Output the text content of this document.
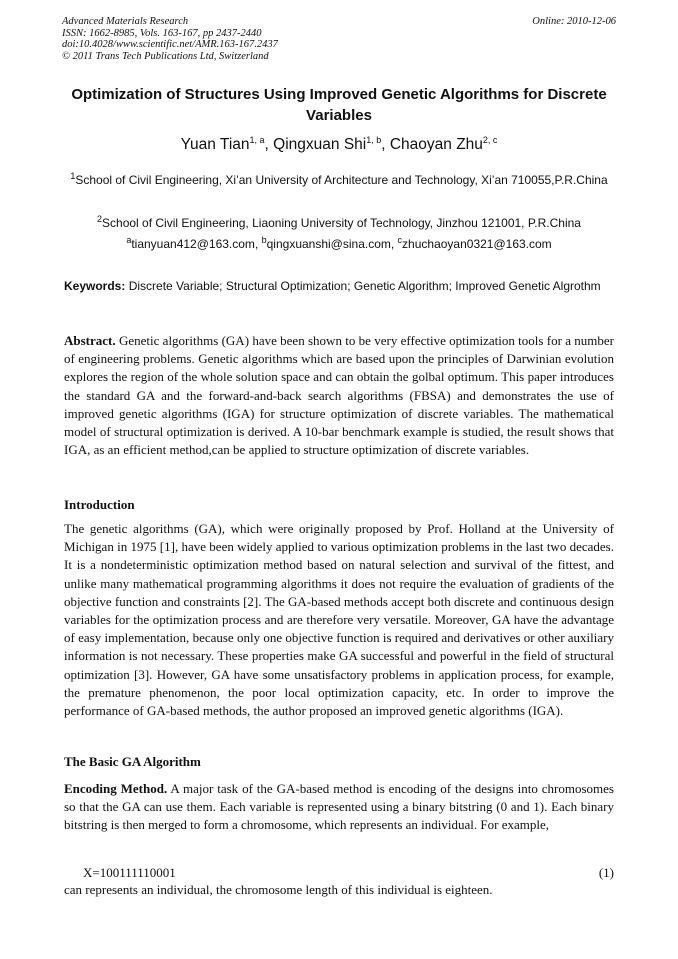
Advanced Materials Research
ISSN: 1662-8985, Vols. 163-167, pp 2437-2440
doi:10.4028/www.scientific.net/AMR.163-167.2437
© 2011 Trans Tech Publications Ltd, Switzerland
Online: 2010-12-06
Optimization of Structures Using Improved Genetic Algorithms for Discrete Variables
Yuan Tian$^{1, a}$, Qingxuan Shi$^{1, b}$, Chaoyan Zhu$^{2, c}$
$^1$School of Civil Engineering, Xi’an University of Architecture and Technology, Xi’an 710055,P.R.China
$^2$School of Civil Engineering, Liaoning University of Technology, Jinzhou 121001, P.R.China
$^a$tianyuan412@163.com, $^b$qingxuanshi@sina.com, $^c$zhuchaoyan0321@163.com
Keywords: Discrete Variable; Structural Optimization; Genetic Algorithm; Improved Genetic Algrothm
Abstract. Genetic algorithms (GA) have been shown to be very effective optimization tools for a number of engineering problems. Genetic algorithms which are based upon the principles of Darwinian evolution explores the region of the whole solution space and can obtain the golbal optimum. This paper introduces the standard GA and the forward-and-back search algorithms (FBSA) and demonstrates the use of improved genetic algorithms (IGA) for structure optimization of discrete variables. The mathematical model of structural optimization is derived. A 10-bar benchmark example is studied, the result shows that IGA, as an efficient method,can be applied to structure optimization of discrete variables.
Introduction
The genetic algorithms (GA), which were originally proposed by Prof. Holland at the University of Michigan in 1975 [1], have been widely applied to various optimization problems in the last two decades. It is a nondeterministic optimization method based on natural selection and survival of the fittest, and unlike many mathematical programming algorithms it does not require the evaluation of gradients of the objective function and constraints [2]. The GA-based methods accept both discrete and continuous design variables for the optimization process and are therefore very versatile. Moreover, GA have the advantage of easy implementation, because only one objective function is required and derivatives or other auxiliary information is not necessary. These properties make GA successful and powerful in the field of structural optimization [3]. However, GA have some unsatisfactory problems in application process, for example, the premature phenomenon, the poor local optimization capacity, etc. In order to improve the performance of GA-based methods, the author proposed an improved genetic algorithms (IGA).
The Basic GA Algorithm
Encoding Method. A major task of the GA-based method is encoding of the designs into chromosomes so that the GA can use them. Each variable is represented using a binary bitstring (0 and 1). Each binary bitstring is then merged to form a chromosome, which represents an individual. For example,
X=100111110001	(1)
can represents an individual, the chromosome length of this individual is eighteen.
